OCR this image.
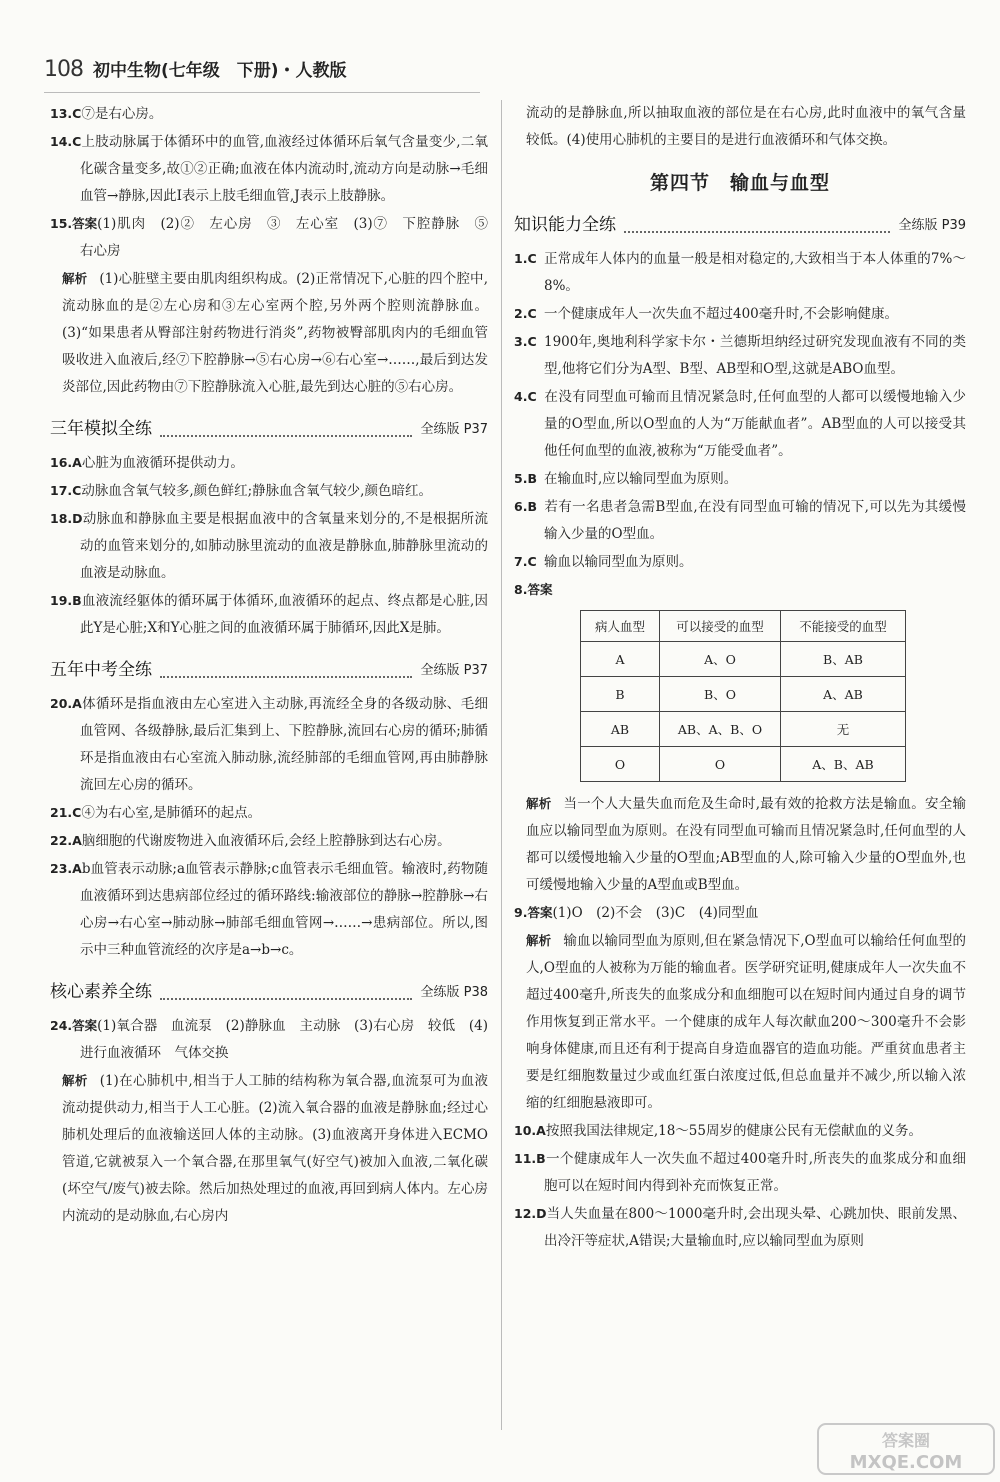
108 初中生物(七年级　下册)・人教版

13.C⑦是右心房。

14.C上肢动脉属于体循环中的血管,血液经过体循环后氧气含量变少,二氧化碳含量变多,故①②正确;血液在体内流动时,流动方向是动脉→毛细血管→静脉,因此Ⅰ表示上肢毛细血管,J表示上肢静脉。

15.答案(1)肌肉　(2)②　左心房　③　左心室　(3)⑦　下腔静脉　⑤　右心房

解析 (1)心脏壁主要由肌肉组织构成。(2)正常情况下,心脏的四个腔中,流动脉血的是②左心房和③左心室两个腔,另外两个腔则流静脉血。(3)“如果患者从臀部注射药物进行消炎”,药物被臀部肌肉内的毛细血管吸收进入血液后,经⑦下腔静脉→⑤右心房→⑥右心室→……,最后到达发炎部位,因此药物由⑦下腔静脉流入心脏,最先到达心脏的⑤右心房。

三年模拟全练	全练版 P37

16.A心脏为血液循环提供动力。

17.C动脉血含氧气较多,颜色鲜红;静脉血含氧气较少,颜色暗红。

18.D动脉血和静脉血主要是根据血液中的含氧量来划分的,不是根据所流动的血管来划分的,如肺动脉里流动的血液是静脉血,肺静脉里流动的血液是动脉血。

19.B血液流经躯体的循环属于体循环,血液循环的起点、终点都是心脏,因此Y是心脏;X和Y心脏之间的血液循环属于肺循环,因此X是肺。

五年中考全练	全练版 P37

20.A体循环是指血液由左心室进入主动脉,再流经全身的各级动脉、毛细血管网、各级静脉,最后汇集到上、下腔静脉,流回右心房的循环;肺循环是指血液由右心室流入肺动脉,流经肺部的毛细血管网,再由肺静脉流回左心房的循环。

21.C④为右心室,是肺循环的起点。

22.A脑细胞的代谢废物进入血液循环后,会经上腔静脉到达右心房。

23.Ab血管表示动脉;a血管表示静脉;c血管表示毛细血管。输液时,药物随血液循环到达患病部位经过的循环路线:输液部位的静脉→腔静脉→右心房→右心室→肺动脉→肺部毛细血管网→……→患病部位。所以,图示中三种血管流经的次序是a→b→c。

核心素养全练	全练版 P38

24.答案(1)氧合器　血流泵　(2)静脉血　主动脉　(3)右心房　较低　(4)进行血液循环　气体交换

解析 (1)在心肺机中,相当于人工肺的结构称为氧合器,血流泵可为血液流动提供动力,相当于人工心脏。(2)流入氧合器的血液是静脉血;经过心肺机处理后的血液输送回人体的主动脉。(3)血液离开身体进入ECMO管道,它就被泵入一个氧合器,在那里氧气(好空气)被加入血液,二氧化碳(坏空气/废气)被去除。然后加热处理过的血液,再回到病人体内。左心房内流动的是动脉血,右心房内

流动的是静脉血,所以抽取血液的部位是在右心房,此时血液中的氧气含量较低。(4)使用心肺机的主要目的是进行血液循环和气体交换。

第四节　输血与血型
知识能力全练	全练版 P39

1.C 正常成年人体内的血量一般是相对稳定的,大致相当于本人体重的7%～8%。

2.C 一个健康成年人一次失血不超过400毫升时,不会影响健康。

3.C 1900年,奥地利科学家卡尔・兰德斯坦纳经过研究发现血液有不同的类型,他将它们分为A型、B型、AB型和O型,这就是ABO血型。

4.C 在没有同型血可输而且情况紧急时,任何血型的人都可以缓慢地输入少量的O型血,所以O型血的人为“万能献血者”。AB型血的人可以接受其他任何血型的血液,被称为“万能受血者”。

5.B 在输血时,应以输同型血为原则。

6.B 若有一名患者急需B型血,在没有同型血可输的情况下,可以先为其缓慢输入少量的O型血。

7.C 输血以输同型血为原则。

8.答案

病人血型	可以接受的血型	不能接受的血型
A	A、O	B、AB
B	B、O	A、AB
AB	AB、A、B、O	无
O	O	A、B、AB

解析 当一个人大量失血而危及生命时,最有效的抢救方法是输血。安全输血应以输同型血为原则。在没有同型血可输而且情况紧急时,任何血型的人都可以缓慢地输入少量的O型血;AB型血的人,除可输入少量的O型血外,也可缓慢地输入少量的A型血或B型血。

9.答案(1)O　(2)不会　(3)C　(4)同型血

解析 输血以输同型血为原则,但在紧急情况下,O型血可以输给任何血型的人,O型血的人被称为万能的输血者。医学研究证明,健康成年人一次失血不超过400毫升,所丧失的血浆成分和血细胞可以在短时间内通过自身的调节作用恢复到正常水平。一个健康的成年人每次献血200～300毫升不会影响身体健康,而且还有利于提高自身造血器官的造血功能。严重贫血患者主要是红细胞数量过少或血红蛋白浓度过低,但总血量并不减少,所以输入浓缩的红细胞悬液即可。

10.A按照我国法律规定,18～55周岁的健康公民有无偿献血的义务。

11.B一个健康成年人一次失血不超过400毫升时,所丧失的血浆成分和血细胞可以在短时间内得到补充而恢复正常。

12.D当人失血量在800～1000毫升时,会出现头晕、心跳加快、眼前发黑、出冷汗等症状,A错误;大量输血时,应以输同型血为原则

答案圈
MXQE.COM
